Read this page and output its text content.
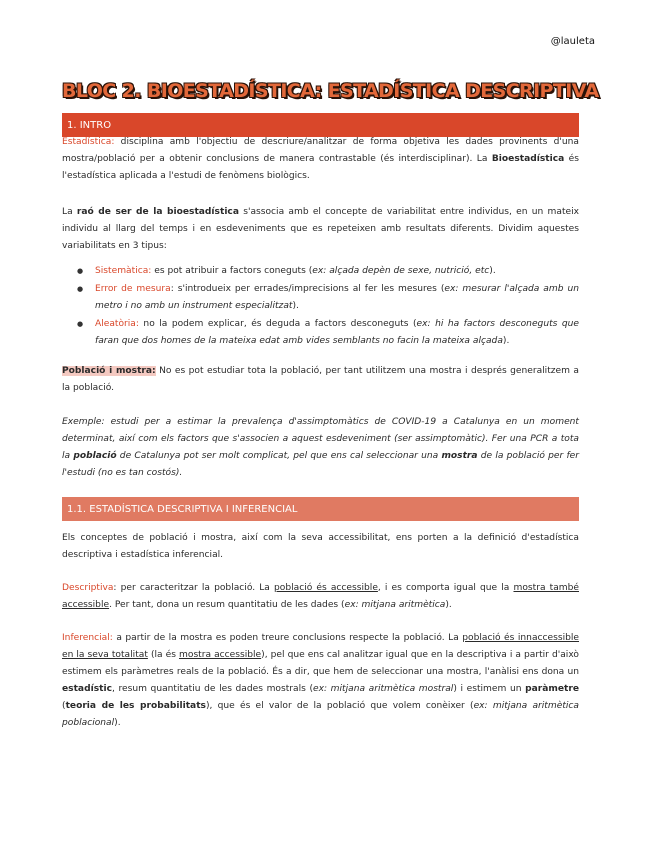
@lauleta
BLOC 2. BIOESTADÍSTICA: ESTADÍSTICA DESCRIPTIVA
1. INTRO

Estadística: disciplina amb l'objectiu de descriure/analitzar de forma objetiva les dades provinents d'una mostra/població per a obtenir conclusions de manera contrastable (és interdisciplinar). La Bioestadística és l'estadística aplicada a l'estudi de fenòmens biològics.

La raó de ser de la bioestadística s'associa amb el concepte de variabilitat entre individus, en un mateix individu al llarg del temps i en esdeveniments que es repeteixen amb resultats diferents. Dividim aquestes variabilitats en 3 tipus:

● Sistemàtica: es pot atribuir a factors coneguts (ex: alçada depèn de sexe, nutrició, etc).
● Error de mesura: s'introdueix per errades/imprecisions al fer les mesures (ex: mesurar l'alçada amb un metro i no amb un instrument especialitzat).
● Aleatòria: no la podem explicar, és deguda a factors desconeguts (ex: hi ha factors desconeguts que faran que dos homes de la mateixa edat amb vides semblants no facin la mateixa alçada).

Població i mostra: No es pot estudiar tota la població, per tant utilitzem una mostra i després generalitzem a la població.

Exemple: estudi per a estimar la prevalença d'assimptomàtics de COVID-19 a Catalunya en un moment determinat, així com els factors que s'associen a aquest esdeveniment (ser assimptomàtic). Fer una PCR a tota la població de Catalunya pot ser molt complicat, pel que ens cal seleccionar una mostra de la població per fer l'estudi (no es tan costós).

1.1. ESTADÍSTICA DESCRIPTIVA I INFERENCIAL

Els conceptes de població i mostra, així com la seva accessibilitat, ens porten a la definició d'estadística descriptiva i estadística inferencial.

Descriptiva: per caracteritzar la població. La població és accessible, i es comporta igual que la mostra també accessible. Per tant, dona un resum quantitatiu de les dades (ex: mitjana aritmètica).

Inferencial: a partir de la mostra es poden treure conclusions respecte la població. La població és innaccessible en la seva totalitat (la és mostra accessible), pel que ens cal analitzar igual que en la descriptiva i a partir d'això estimem els paràmetres reals de la població. És a dir, que hem de seleccionar una mostra, l'anàlisi ens dona un estadístic, resum quantitatiu de les dades mostrals (ex: mitjana aritmètica mostral) i estimem un paràmetre (teoria de les probabilitats), que és el valor de la població que volem conèixer (ex: mitjana aritmètica poblacional).
